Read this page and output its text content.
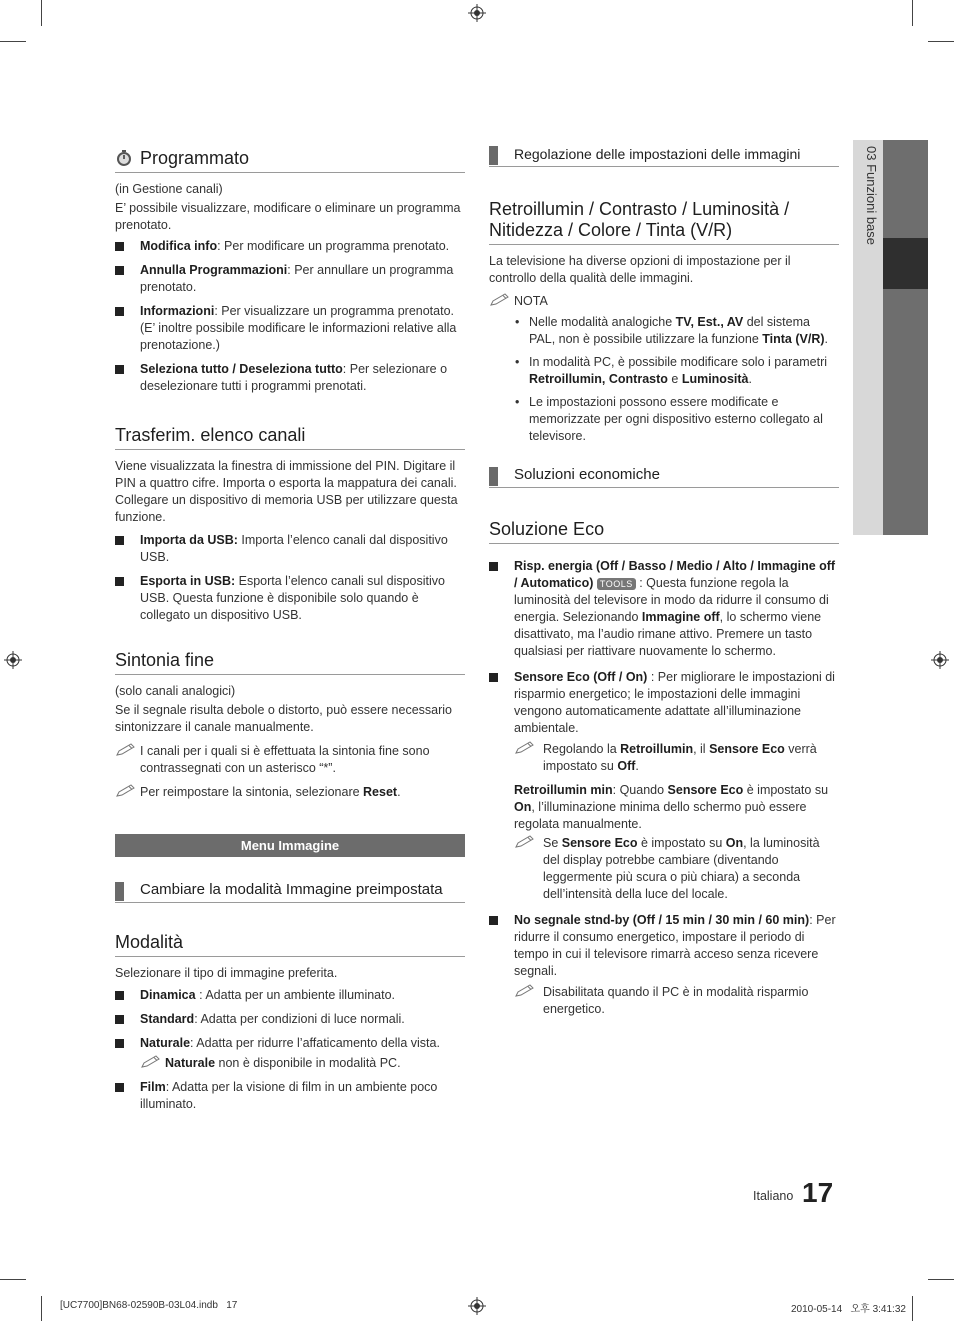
03 Funzioni base
Programmato
(in Gestione canali)
E’ possibile visualizzare, modificare o eliminare un programma prenotato.
Modifica info: Per modificare un programma prenotato.
Annulla Programmazioni: Per annullare un programma prenotato.
Informazioni: Per visualizzare un programma prenotato. (E’ inoltre possibile modificare le informazioni relative alla prenotazione.)
Seleziona tutto / Deseleziona tutto: Per selezionare o deselezionare tutti i programmi prenotati.
Trasferim. elenco canali
Viene visualizzata la finestra di immissione del PIN. Digitare il PIN a quattro cifre. Importa o esporta la mappatura dei canali. Collegare un dispositivo di memoria USB per utilizzare questa funzione.
Importa da USB: Importa l’elenco canali dal dispositivo USB.
Esporta in USB: Esporta l’elenco canali sul dispositivo USB. Questa funzione è disponibile solo quando è collegato un dispositivo USB.
Sintonia fine
(solo canali analogici)
Se il segnale risulta debole o distorto, può essere necessario sintonizzare il canale manualmente.
I canali per i quali si è effettuata la sintonia fine sono contrassegnati con un asterisco “*”.
Per reimpostare la sintonia, selezionare Reset.
Menu Immagine
Cambiare la modalità Immagine preimpostata
Modalità
Selezionare il tipo di immagine preferita.
Dinamica : Adatta per un ambiente illuminato.
Standard: Adatta per condizioni di luce normali.
Naturale: Adatta per ridurre l’affaticamento della vista.
Naturale non è disponibile in modalità PC.
Film: Adatta per la visione di film in un ambiente poco illuminato.
Regolazione delle impostazioni delle immagini
Retroillumin / Contrasto / Luminosità / Nitidezza / Colore / Tinta (V/R)
La televisione ha diverse opzioni di impostazione per il controllo della qualità delle immagini.
NOTA
• Nelle modalità analogiche TV, Est., AV del sistema PAL, non è possibile utilizzare la funzione Tinta (V/R).
• In modalità PC, è possibile modificare solo i parametri Retroillumin, Contrasto e Luminosità.
• Le impostazioni possono essere modificate e memorizzate per ogni dispositivo esterno collegato al televisore.
Soluzioni economiche
Soluzione Eco
Risp. energia (Off / Basso / Medio / Alto / Immagine off / Automatico) TOOLS : Questa funzione regola la luminosità del televisore in modo da ridurre il consumo di energia. Selezionando Immagine off, lo schermo viene disattivato, ma l’audio rimane attivo. Premere un tasto qualsiasi per riattivare nuovamente lo schermo.
Sensore Eco (Off / On) : Per migliorare le impostazioni di risparmio energetico; le impostazioni delle immagini vengono automaticamente adattate all’illuminazione ambientale.
Regolando la Retroillumin, il Sensore Eco verrà impostato su Off.
Retroillumin min: Quando Sensore Eco è impostato su On, l’illuminazione minima dello schermo può essere regolata manualmente.
Se Sensore Eco è impostato su On, la luminosità del display potrebbe cambiare (diventando leggermente più scura o più chiara) a seconda dell’intensità della luce del locale.
No segnale stnd-by (Off / 15 min / 30 min / 60 min): Per ridurre il consumo energetico, impostare il periodo di tempo in cui il televisore rimarrà acceso senza ricevere segnali.
Disabilitata quando il PC è in modalità risparmio energetico.
Italiano 17
[UC7700]BN68-02590B-03L04.indb   17	2010-05-14   오후 3:41:32
